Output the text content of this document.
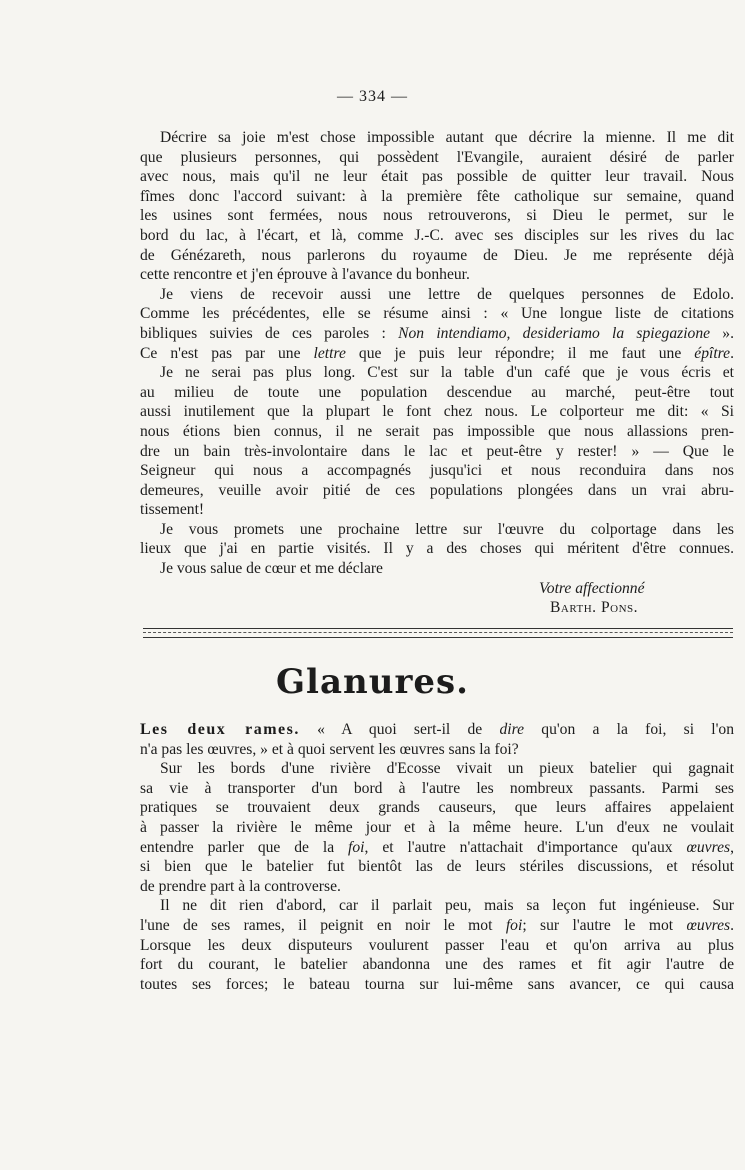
— 334 —
Décrire sa joie m'est chose impossible autant que décrire la mienne. Il me dit
que plusieurs personnes, qui possèdent l'Evangile, auraient désiré de parler
avec nous, mais qu'il ne leur était pas possible de quitter leur travail. Nous
fîmes donc l'accord suivant: à la première fête catholique sur semaine, quand
les usines sont fermées, nous nous retrouverons, si Dieu le permet, sur le
bord du lac, à l'écart, et là, comme J.-C. avec ses disciples sur les rives du lac
de Génézareth, nous parlerons du royaume de Dieu. Je me représente déjà
cette rencontre et j'en éprouve à l'avance du bonheur.
Je viens de recevoir aussi une lettre de quelques personnes de Edolo.
Comme les précédentes, elle se résume ainsi : « Une longue liste de citations
bibliques suivies de ces paroles : Non intendiamo, desideriamo la spiegazione ».
Ce n'est pas par une lettre que je puis leur répondre; il me faut une épître.
Je ne serai pas plus long. C'est sur la table d'un café que je vous écris et
au milieu de toute une population descendue au marché, peut-être tout
aussi inutilement que la plupart le font chez nous. Le colporteur me dit: « Si
nous étions bien connus, il ne serait pas impossible que nous allassions pren-
dre un bain très-involontaire dans le lac et peut-être y rester! » — Que le
Seigneur qui nous a accompagnés jusqu'ici et nous reconduira dans nos
demeures, veuille avoir pitié de ces populations plongées dans un vrai abru-
tissement!
Je vous promets une prochaine lettre sur l'œuvre du colportage dans les
lieux que j'ai en partie visités. Il y a des choses qui méritent d'être connues.
Je vous salue de cœur et me déclare
Votre affectionné
Barth. Pons.
Glanures.
Les deux rames. « A quoi sert-il de dire qu'on a la foi, si l'on
n'a pas les œuvres, » et à quoi servent les œuvres sans la foi?
Sur les bords d'une rivière d'Ecosse vivait un pieux batelier qui gagnait
sa vie à transporter d'un bord à l'autre les nombreux passants. Parmi ses
pratiques se trouvaient deux grands causeurs, que leurs affaires appelaient
à passer la rivière le même jour et à la même heure. L'un d'eux ne voulait
entendre parler que de la foi, et l'autre n'attachait d'importance qu'aux œuvres,
si bien que le batelier fut bientôt las de leurs stériles discussions, et résolut
de prendre part à la controverse.
Il ne dit rien d'abord, car il parlait peu, mais sa leçon fut ingénieuse. Sur
l'une de ses rames, il peignit en noir le mot foi; sur l'autre le mot œuvres.
Lorsque les deux disputeurs voulurent passer l'eau et qu'on arriva au plus
fort du courant, le batelier abandonna une des rames et fit agir l'autre de
toutes ses forces; le bateau tourna sur lui-même sans avancer, ce qui causa
